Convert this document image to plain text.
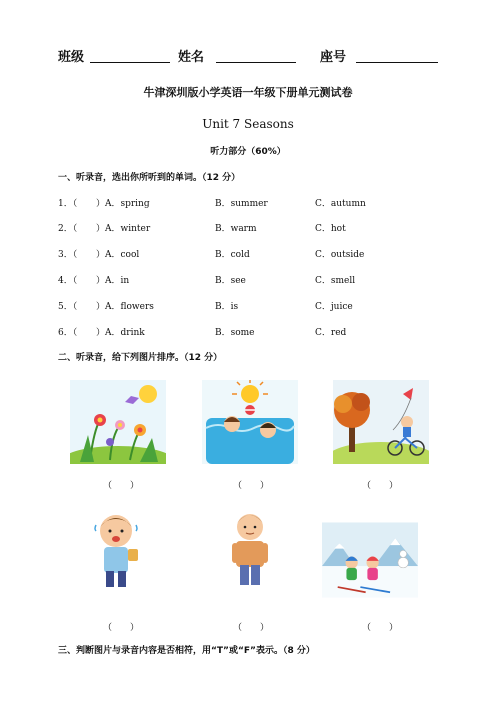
班级	姓名	座号
牛津深圳版小学英语一年级下册单元测试卷
Unit 7 Seasons
听力部分（60%）
一、听录音，选出你所听到的单词。（12 分）
1．（ ）A．spring	B．summer	C．autumn
2．（ ）A．winter	B．warm	C．hot
3．（ ）A．cool	B．cold	C．outside
4．（ ）A．in	B．see	C．smell
5．（ ）A．flowers	B．is	C．juice
6．（ ）A．drink	B．some	C．red
二、听录音，给下列图片排序。（12 分）
（　　）	（　　）	（　　）
（　　）	（　　）	（　　）
三、判断图片与录音内容是否相符，用“T”或“F”表示。（8 分）
